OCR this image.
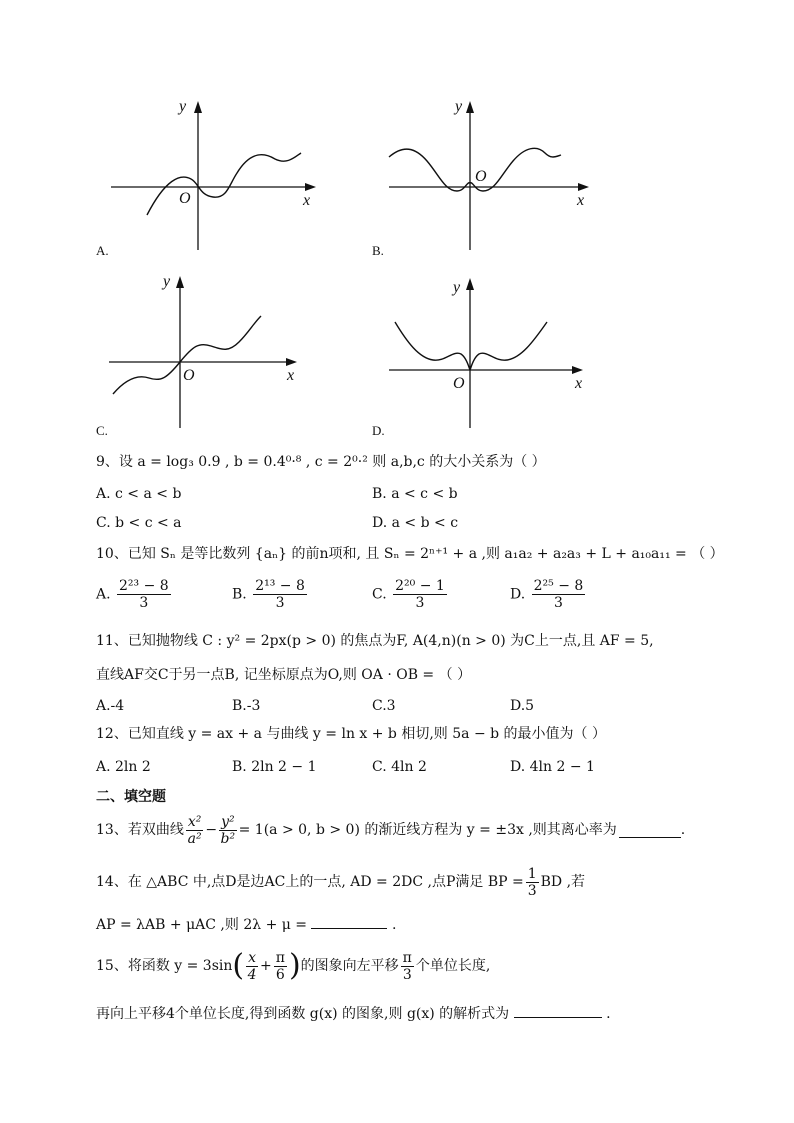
x
y
O
A.
x
y
O
B.
x
y
O
C.
x
y
O
D.
9、设 a = log₃ 0.9 , b = 0.4⁰·⁸ , c = 2⁰·² 则 a,b,c 的大小关系为（ ）
A. c < a < b	B. a < c < b
C. b < c < a	D. a < b < c
10、已知 Sₙ 是等比数列 {aₙ} 的前n项和, 且 Sₙ = 2ⁿ⁺¹ + a ,则 a₁a₂ + a₂a₃ + L + a₁₀a₁₁ = （ ）
A. $\frac{\text{2²³ − 8}}{3}$	B. $\frac{\text{2¹³ − 8}}{3}$	C. $\frac{\text{2²⁰ − 1}}{3}$	D. $\frac{\text{2²⁵ − 8}}{3}$
11、已知抛物线 C : y² = 2px(p > 0) 的焦点为F, A(4,n)(n > 0) 为C上一点,且 AF = 5,
直线AF交C于另一点B, 记坐标原点为O,则 OA · OB = （ ）
A.-4	B.-3	C.3	D.5
12、已知直线 y = ax + a 与曲线 y = ln x + b 相切,则 5a − b 的最小值为（ ）
A. 2ln 2	B. 2ln 2 − 1	C. 4ln 2	D. 4ln 2 − 1
二、填空题
13、若双曲线 $\frac{\text{x²}}{\text{a²}} - \frac{\text{y²}}{\text{b²}} = 1(a > 0$, b > 0) 的渐近线方程为 y = ±3x ,则其离心率为	.
14、在 △ABC 中,点D是边AC上的一点, AD = 2DC ,点P满足 BP = $\frac{1}{3}$ BD ,若
AP = λAB + μAC ,则 2λ + μ =	.
15、将函数 y = 3sin ( $\frac{x}{4} + \frac{\pi}{6}$ ) 的图象向左平移 $\frac{\pi}{3}$ 个单位长度,
再向上平移4个单位长度,得到函数 g(x) 的图象,则 g(x) 的解析式为	.
